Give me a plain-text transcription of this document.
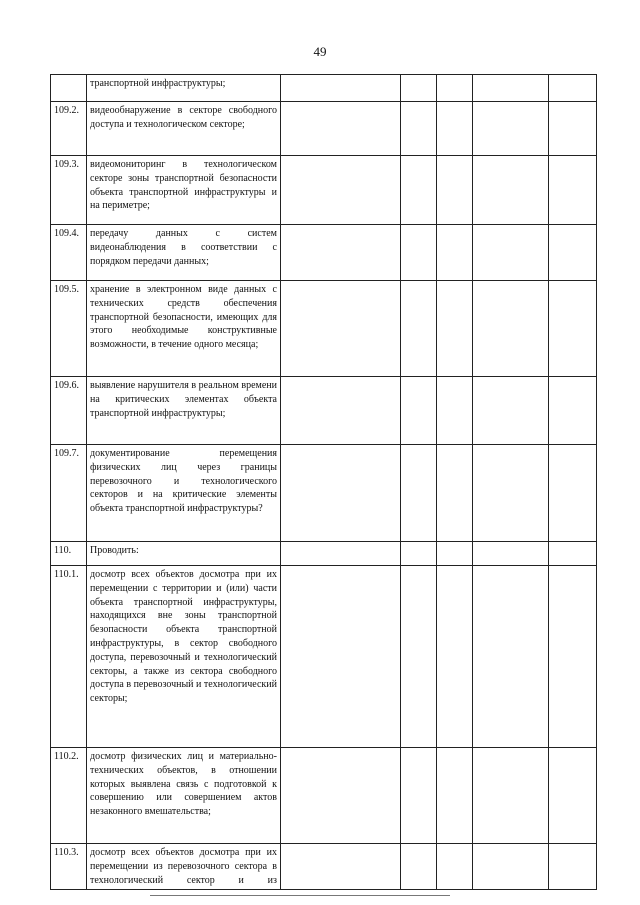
49
	транспортной инфраструктуры;					
109.2.	видеообнаружение в секторе свободного доступа и технологическом секторе;					
109.3.	видеомониторинг в технологическом секторе зоны транспортной безопасности объекта транспортной инфраструктуры и на периметре;					
109.4.	передачу данных с систем видеонаблюдения в соответствии с порядком передачи данных;					
109.5.	хранение в электронном виде данных с технических средств обеспечения транспортной безопасности, имеющих для этого необходимые конструктивные возможности, в течение одного месяца;					
109.6.	выявление нарушителя в реальном времени на критических элементах объекта транспортной инфраструктуры;					
109.7.	документирование перемещения физических лиц через границы перевозочного и технологического секторов и на критические элементы объекта транспортной инфраструктуры?					
110.	Проводить:					
110.1.	досмотр всех объектов досмотра при их перемещении с территории и (или) части объекта транспортной инфраструктуры, находящихся вне зоны транспортной безопасности объекта транспортной инфраструктуры, в сектор свободного доступа, перевозочный и технологический секторы, а также из сектора свободного доступа в перевозочный и технологический секторы;					
110.2.	досмотр физических лиц и материально-технических объектов, в отношении которых выявлена связь с подготовкой к совершению или совершением актов незаконного вмешательства;					
110.3.	досмотр всех объектов досмотра при их перемещении из перевозочного сектора в технологический сектор и из					
